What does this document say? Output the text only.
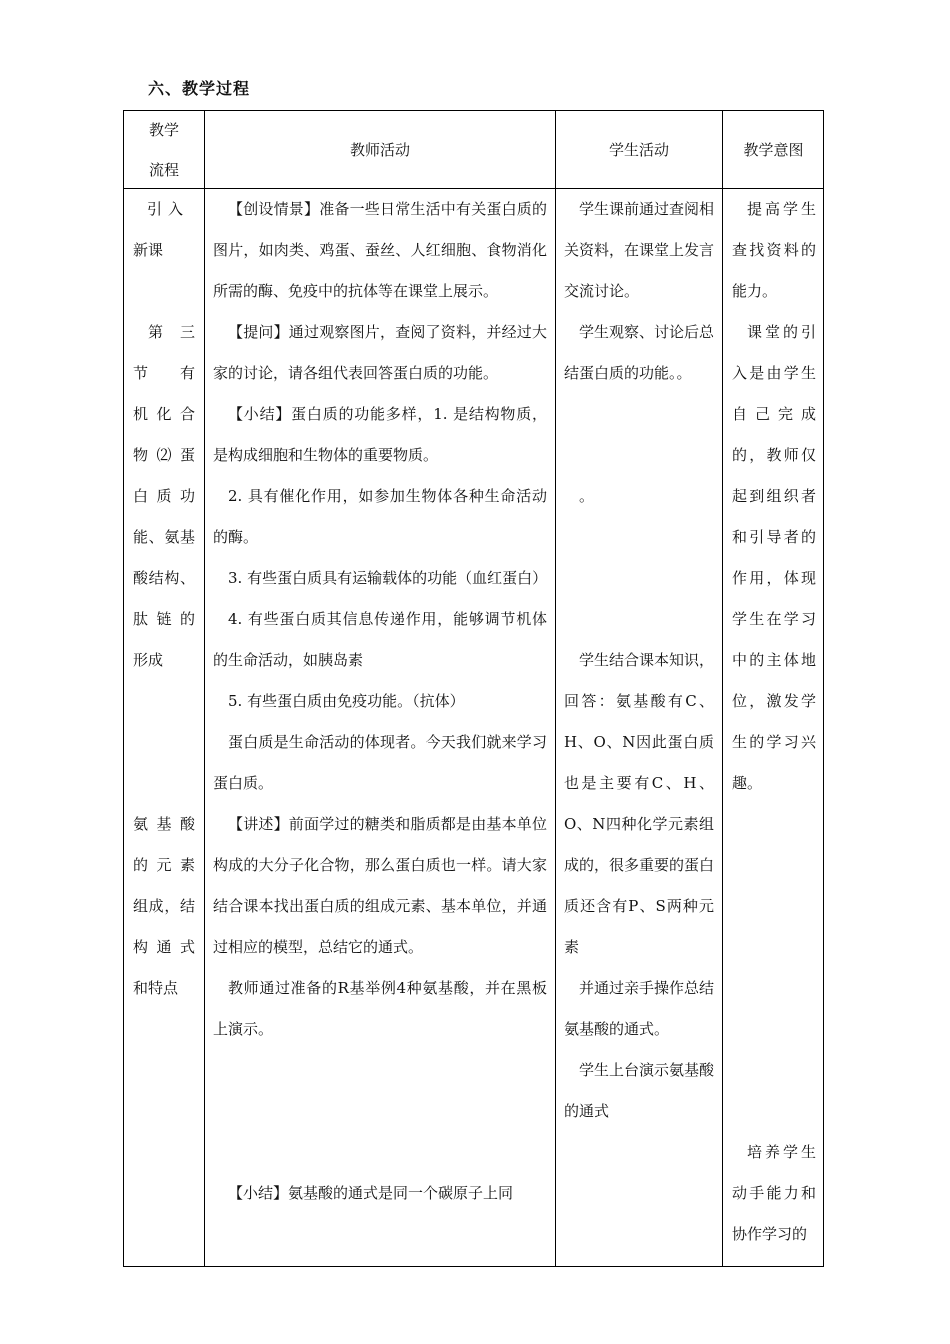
六、教学过程
教学
流程
教师活动	学生活动	教学意图

引 入

新课

第 三

节 有

机化合

物⑵蛋

白质功

能、氨基

酸结构、

肽链的

形成

氨基酸

的元素

组成，结

构通式

和特点

【创设情景】准备一些日常生活中有关蛋白质的图片，如肉类、鸡蛋、蚕丝、人红细胞、食物消化所需的酶、免疫中的抗体等在课堂上展示。

【提问】通过观察图片，查阅了资料，并经过大家的讨论，请各组代表回答蛋白质的功能。

【小结】蛋白质的功能多样，1. 是结构物质，是构成细胞和生物体的重要物质。

2. 具有催化作用，如参加生物体各种生命活动的酶。

3. 有些蛋白质具有运输载体的功能（血红蛋白）

4. 有些蛋白质其信息传递作用，能够调节机体的生命活动，如胰岛素

5. 有些蛋白质由免疫功能。（抗体）

蛋白质是生命活动的体现者。今天我们就来学习蛋白质。

【讲述】前面学过的糖类和脂质都是由基本单位构成的大分子化合物，那么蛋白质也一样。请大家结合课本找出蛋白质的组成元素、基本单位，并通过相应的模型，总结它的通式。

教师通过准备的R基举例4种氨基酸，并在黑板上演示。

【小结】氨基酸的通式是同一个碳原子上同

学生课前通过查阅相关资料，在课堂上发言交流讨论。

学生观察、讨论后总结蛋白质的功能。。

。

学生结合课本知识，回答：氨基酸有C、H、O、N因此蛋白质也是主要有C、H、O、N四种化学元素组成的，很多重要的蛋白质还含有P、S两种元素

并通过亲手操作总结氨基酸的通式。

学生上台演示氨基酸的通式

提高学生查找资料的能力。

课堂的引入是由学生自己完成的，教师仅起到组织者和引导者的作用，体现学生在学习中的主体地位，激发学生的学习兴趣。

培养学生动手能力和协作学习的
